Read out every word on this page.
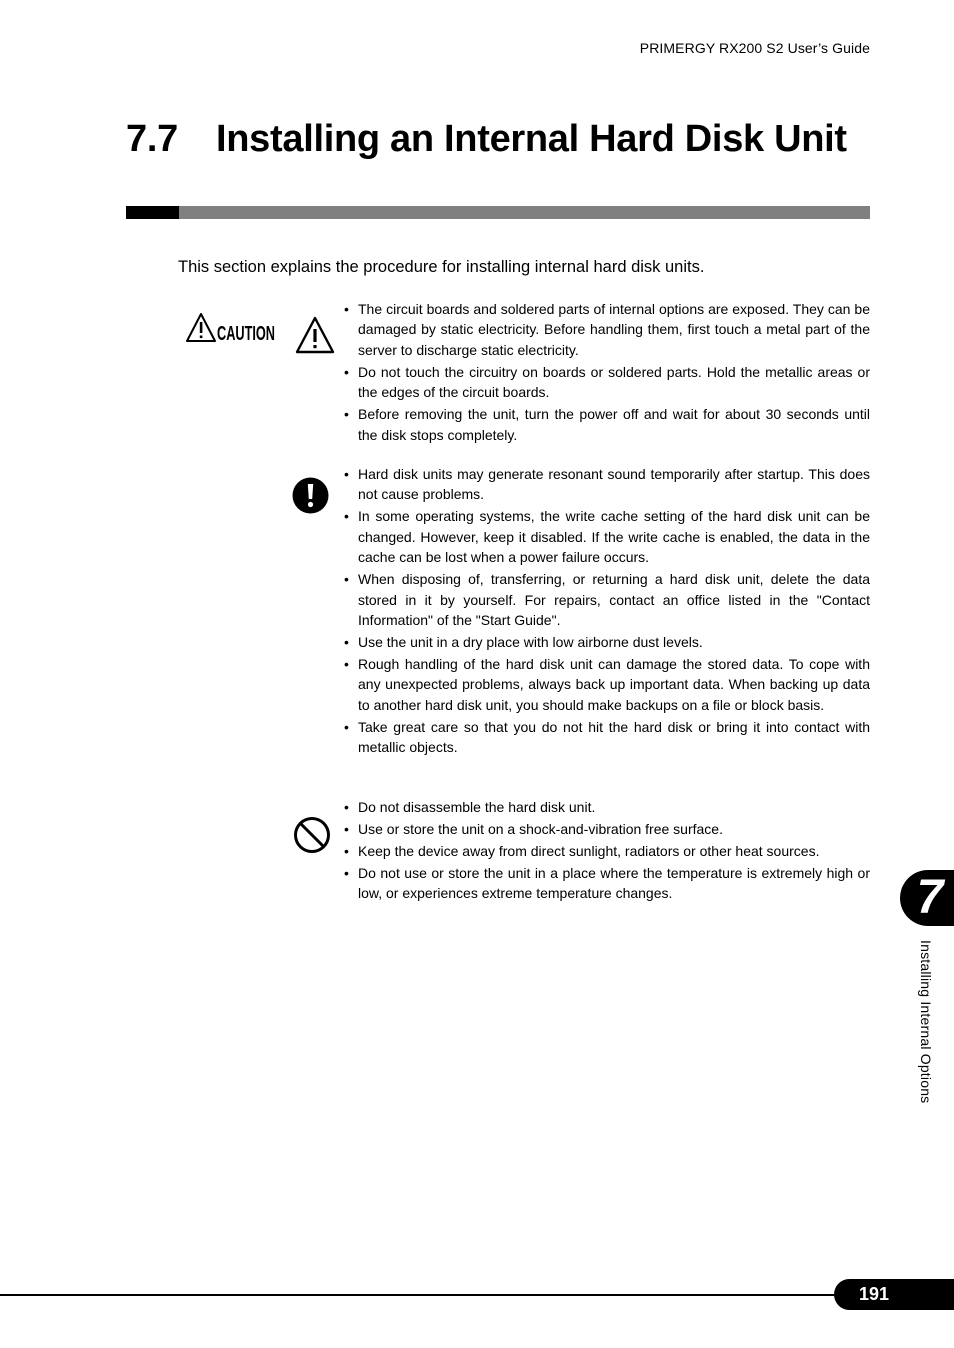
PRIMERGY RX200 S2 User’s Guide
7.7	Installing an Internal Hard Disk Unit

This section explains the procedure for installing internal hard disk units.

CAUTION
• The circuit boards and soldered parts of internal options are exposed. They can be damaged by static electricity. Before handling them, first touch a metal part of the server to discharge static electricity.
• Do not touch the circuitry on boards or soldered parts. Hold the metallic areas or the edges of the circuit boards.
• Before removing the unit, turn the power off and wait for about 30 seconds until the disk stops completely.
• Hard disk units may generate resonant sound temporarily after startup. This does not cause problems.
• In some operating systems, the write cache setting of the hard disk unit can be changed. However, keep it disabled. If the write cache is enabled, the data in the cache can be lost when a power failure occurs.
• When disposing of, transferring, or returning a hard disk unit, delete the data stored in it by yourself. For repairs, contact an office listed in the "Contact Information" of the "Start Guide".
• Use the unit in a dry place with low airborne dust levels.
• Rough handling of the hard disk unit can damage the stored data. To cope with any unexpected problems, always back up important data. When backing up data to another hard disk unit, you should make backups on a file or block basis.
• Take great care so that you do not hit the hard disk or bring it into contact with metallic objects.
• Do not disassemble the hard disk unit.
• Use or store the unit on a shock-and-vibration free surface.
• Keep the device away from direct sunlight, radiators or other heat sources.
• Do not use or store the unit in a place where the temperature is extremely high or low, or experiences extreme temperature changes.	7
Installing Internal Options
191
